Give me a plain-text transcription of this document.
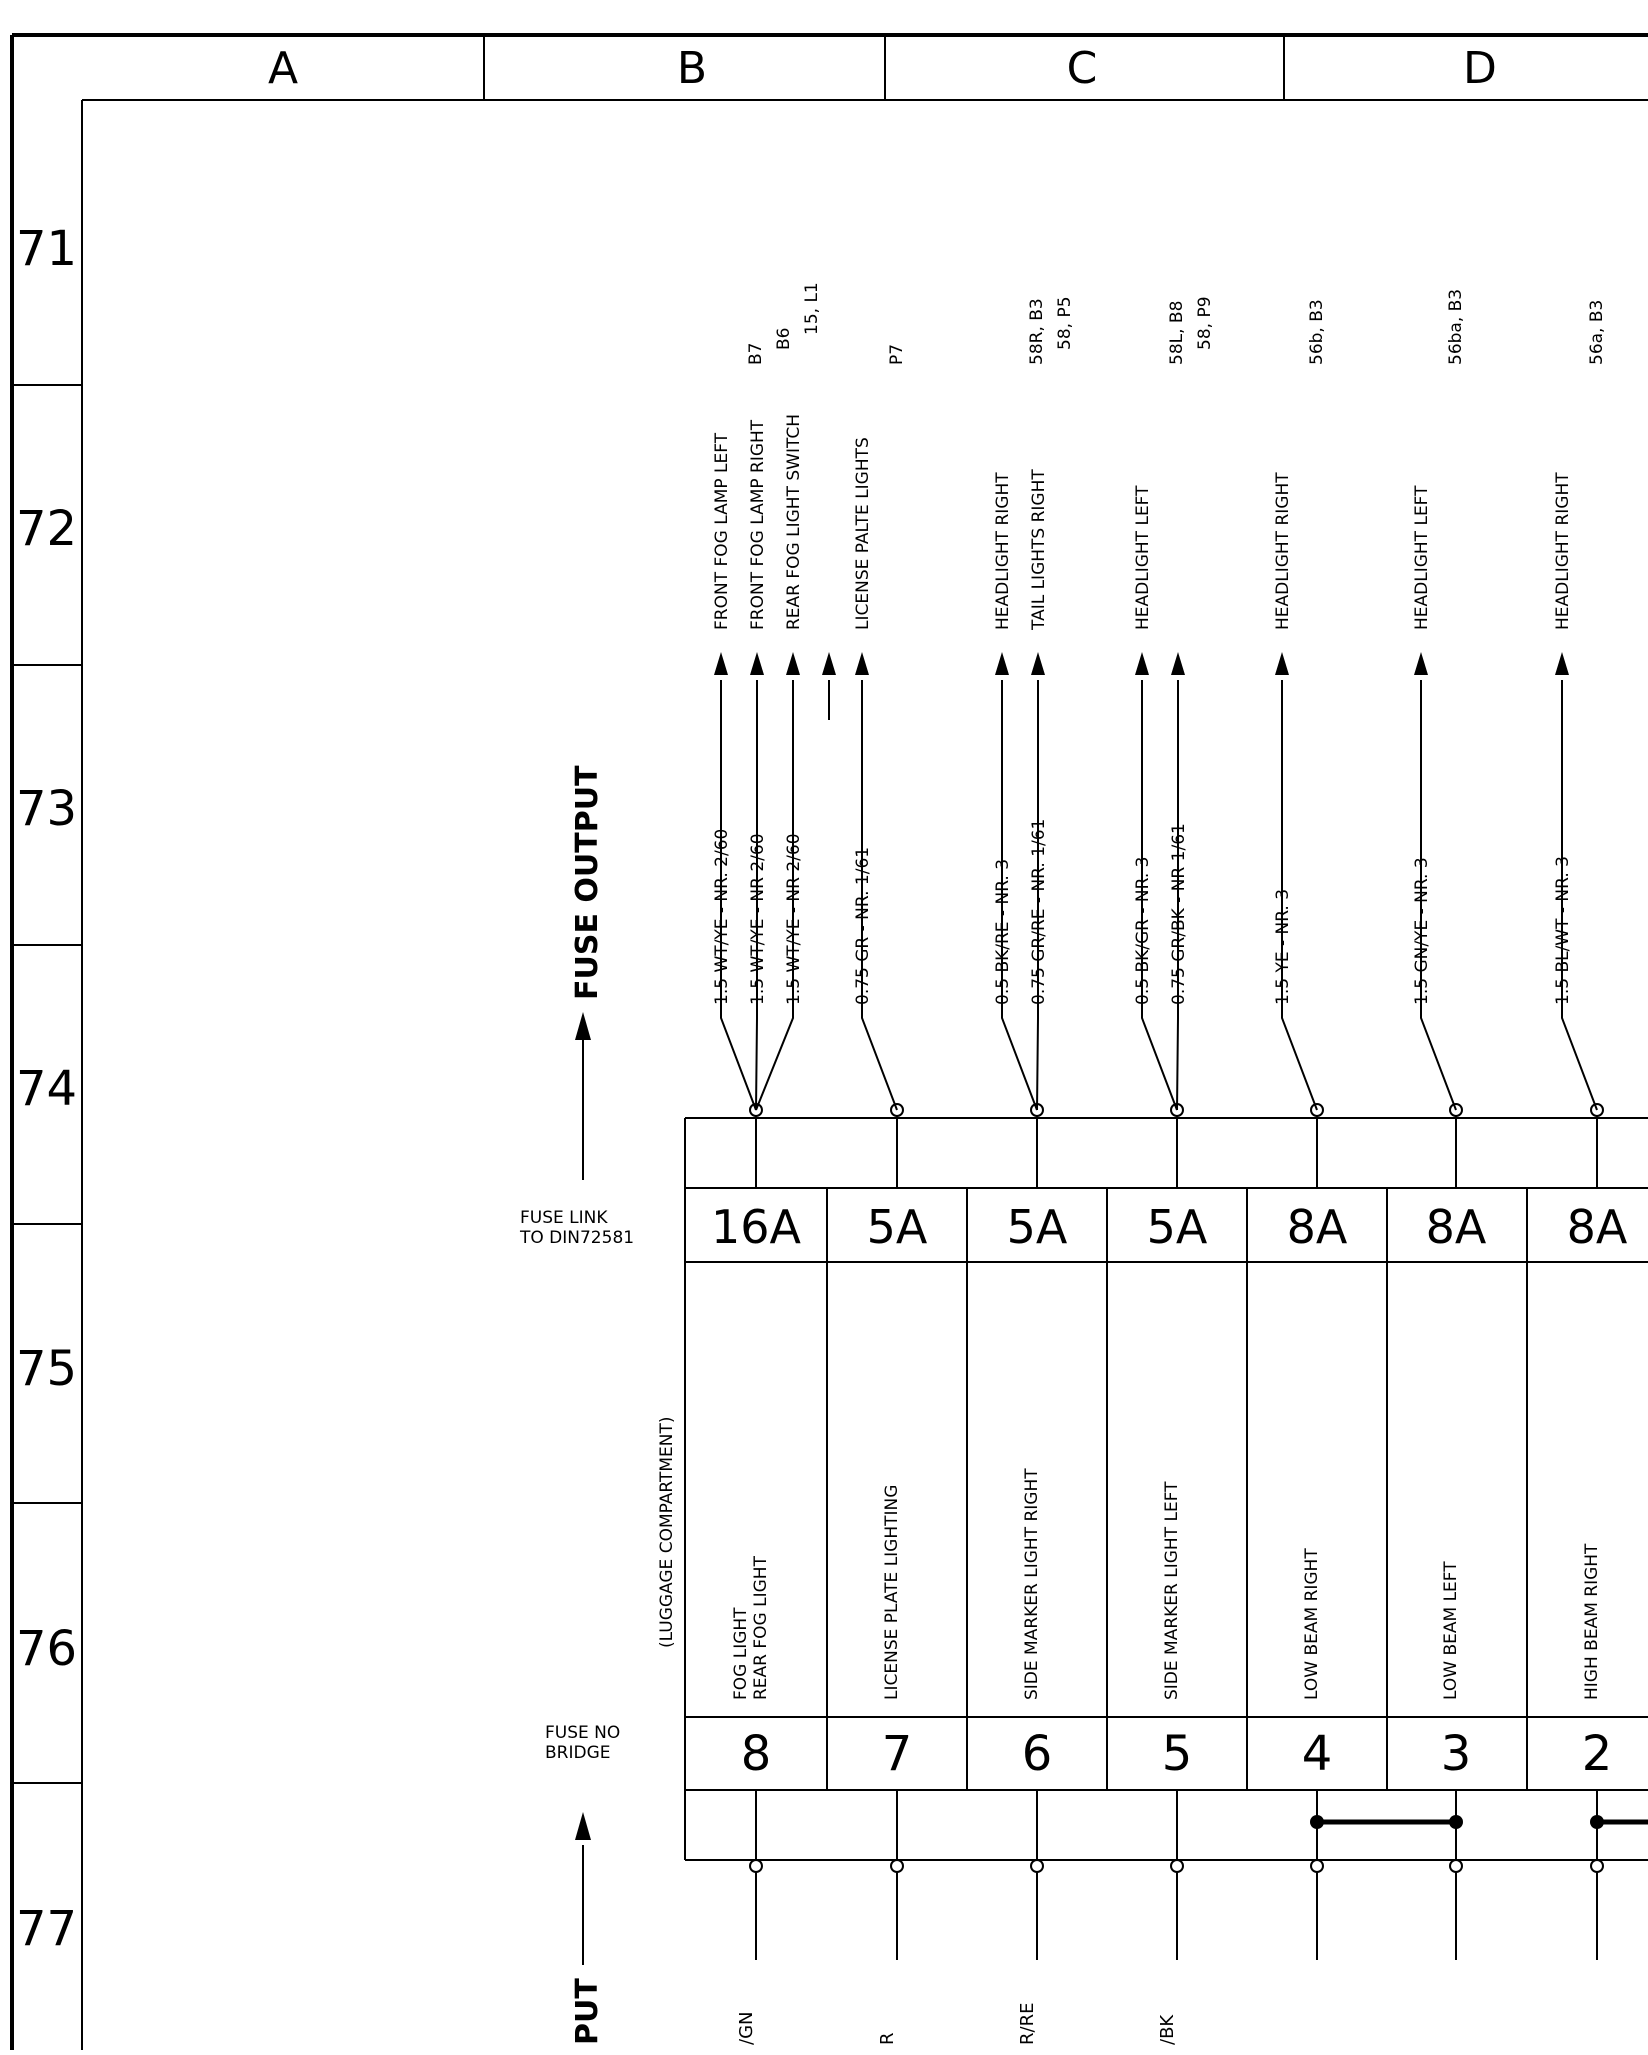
A	B	C	D
71
72
73
74
75
76
77
FUSE OUTPUT
PUT
FUSE LINK
TO DIN72581
FUSE NO
BRIDGE
(LUGGAGE COMPARTMENT)
16A
8
FOG LIGHT REAR FOG LIGHT
1.5 WT/YE - NR. 2/60 1.5 WT/YE - NR 2/60 1.5 WT/YE - NR 2/60
FRONT FOG LAMP LEFT FRONT FOG LAMP RIGHT REAR FOG LIGHT SWITCH
B7
B6
15, L1
/GN
5A
7
LICENSE PLATE LIGHTING
0.75 GR - NR. 1/61
LICENSE PALTE LIGHTS
P7
R
5A
6
SIDE MARKER LIGHT RIGHT
0.5 BK/RE - NR. 3 0.75 GR/RE - NR. 1/61
HEADLIGHT RIGHT TAIL LIGHTS RIGHT
58R, B3 58, P5
R/RE
5A
5
SIDE MARKER LIGHT LEFT
0.5 BK/GR - NR. 3 0.75 GR/BK - NR 1/61
HEADLIGHT LEFT
58L, B8 58, P9
/BK
8A
4
LOW BEAM RIGHT
1.5 YE - NR. 3
HEADLIGHT RIGHT
56b, B3
8A
3
LOW BEAM LEFT
1.5 GN/YE - NR. 3
HEADLIGHT LEFT
56ba, B3
8A
2
HIGH BEAM RIGHT
1.5 BL/WT - NR. 3
HEADLIGHT RIGHT
56a, B3
